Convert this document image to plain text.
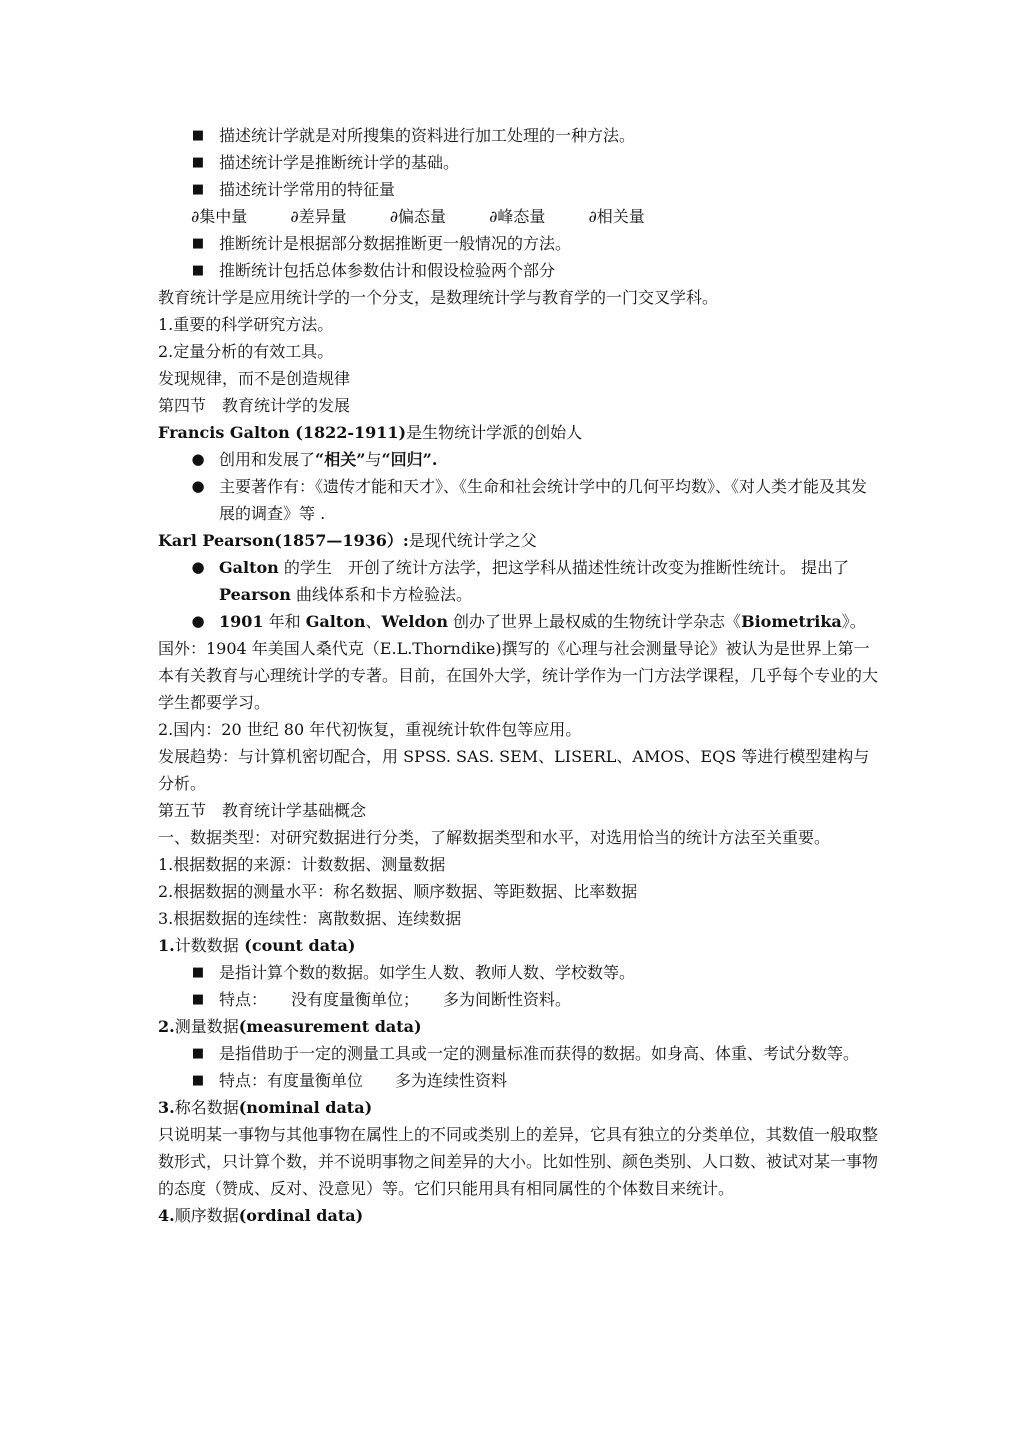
■ 描述统计学就是对所搜集的资料进行加工处理的一种方法。
■ 描述统计学是推断统计学的基础。
■ 描述统计学常用的特征量
∂集中量	∂差异量	∂偏态量	∂峰态量	∂相关量
■ 推断统计是根据部分数据推断更一般情况的方法。
■ 推断统计包括总体参数估计和假设检验两个部分
教育统计学是应用统计学的一个分支，是数理统计学与教育学的一门交叉学科。
1.重要的科学研究方法。
2.定量分析的有效工具。
发现规律，而不是创造规律
第四节　教育统计学的发展
Francis Galton (1822-1911)是生物统计学派的创始人
● 创用和发展了“相关”与“回归”.
● 主要著作有：《遗传才能和天才》、《生命和社会统计学中的几何平均数》、《对人类才能及其发展的调查》等 .
Karl Pearson(1857—1936）:是现代统计学之父
● Galton 的学生　开创了统计方法学，把这学科从描述性统计改变为推断性统计。 提出了 Pearson 曲线体系和卡方检验法。
● 1901 年和 Galton、Weldon 创办了世界上最权威的生物统计学杂志《Biometrika》。
国外：1904 年美国人桑代克（E.L.Thorndike)撰写的《心理与社会测量导论》被认为是世界上第一本有关教育与心理统计学的专著。目前，在国外大学，统计学作为一门方法学课程，几乎每个专业的大学生都要学习。
2.国内：20 世纪 80 年代初恢复，重视统计软件包等应用。
发展趋势：与计算机密切配合，用 SPSS. SAS. SEM、LISERL、AMOS、EQS 等进行模型建构与分析。
第五节　教育统计学基础概念
一、数据类型：对研究数据进行分类，了解数据类型和水平，对选用恰当的统计方法至关重要。
1.根据数据的来源：计数数据、测量数据
2.根据数据的测量水平：称名数据、顺序数据、等距数据、比率数据
3.根据数据的连续性：离散数据、连续数据
1.计数数据 (count data)
■ 是指计算个数的数据。如学生人数、教师人数、学校数等。
■ 特点：　　没有度量衡单位；　　多为间断性资料。
2.测量数据(measurement data)
■ 是指借助于一定的测量工具或一定的测量标准而获得的数据。如身高、体重、考试分数等。
■ 特点：有度量衡单位　　多为连续性资料
3.称名数据(nominal data)
只说明某一事物与其他事物在属性上的不同或类别上的差异，它具有独立的分类单位，其数值一般取整数形式，只计算个数，并不说明事物之间差异的大小。比如性别、颜色类别、人口数、被试对某一事物的态度（赞成、反对、没意见）等。它们只能用具有相同属性的个体数目来统计。
4.顺序数据(ordinal data)
